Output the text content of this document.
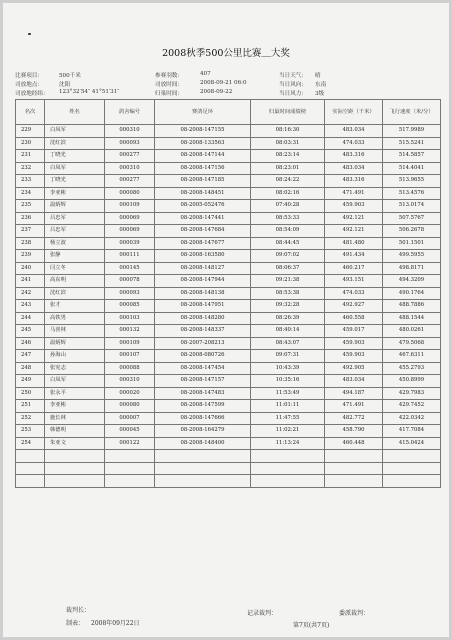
2008秋季500公里比赛＿大奖
比赛项目：	500千米	参赛羽数：	407	当日天气： 晴
司放地点：	沈阳	司放时间：	2008-09-21 06:0	当日风向： 东南
司放地经纬： 123°32′54″ 41°51′31″	归巢时间：	2008-09-22	当日风力： 3级
名次	姓名	鸽舍编号	赛鸽足环	归巢时间成绩榜	实际空距（千米）	飞行速度（米/分）
229	白凤军	000310	08-2008-147155	08:16:30	483.034	517.9989
230	沈红滨	000093	08-2008-133563	08:03:31	474.033	515.5241
231	丁晓光	000277	08-2008-147144	08:23:14	483.316	514.5857
232	白凤军	000310	08-2008-147156	08:23:01	483.034	514.4041
233	丁晓光	000277	08-2008-147185	08:24:22	483.316	513.9655
234	李亚彬	000080	08-2008-148451	08:02:16	471.491	513.4576
235	温炳辉	000109	08-2005-052476	07:40:28	459.903	513.0174
236	吕忠军	000069	08-2008-147441	08:53:33	492.121	507.5767
237	吕忠军	000069	08-2008-147684	08:54:09	492.121	506.2678
238	杨立波	000039	08-2008-147677	08:44:45	481.480	501.1501
239	张静	000111	08-2008-163580	09:07:02	491.434	499.5955
240	闫立冬	000145	08-2008-148127	08:06:37	460.217	498.8171
241	高东明	000078	08-2008-147944	09:21:38	493.151	494.3209
242	沈红滨	000093	08-2008-148138	08:53:38	474.033	490.1764
243	张才	000085	08-2008-147951	09:32:28	492.927	488.7886
244	高铁男	000103	08-2008-148280	08:26:39	460.558	488.1544
245	马喜林	000132	08-2008-148337	08:40:14	459.017	480.0261
246	温炳辉	000109	08-2007-208213	08:43:07	459.903	479.5068
247	孙海山	000107	08-2008-080726	09:07:31	459.903	467.6311
248	张宪志	000088	08-2008-147454	10:43:39	492.905	455.2793
249	白凤军	000310	08-2008-147157	10:35:16	483.034	450.8999
250	张永平	000020	08-2008-147483	11:53:49	494.187	429.7983
251	李亚彬	000080	08-2008-147599	11:01:11	471.491	429.7452
252	施长林	000007	08-2008-147666	11:47:55	482.772	422.0342
253	韩德明	000045	08-2008-164279	11:02:21	458.790	417.7084
254	朱亚文	000122	08-2008-148400	11:13:24	460.448	415.0424

裁判长：	记录裁判：	委派裁判：
制表： 2008年09月22日	第7页(共7页)
